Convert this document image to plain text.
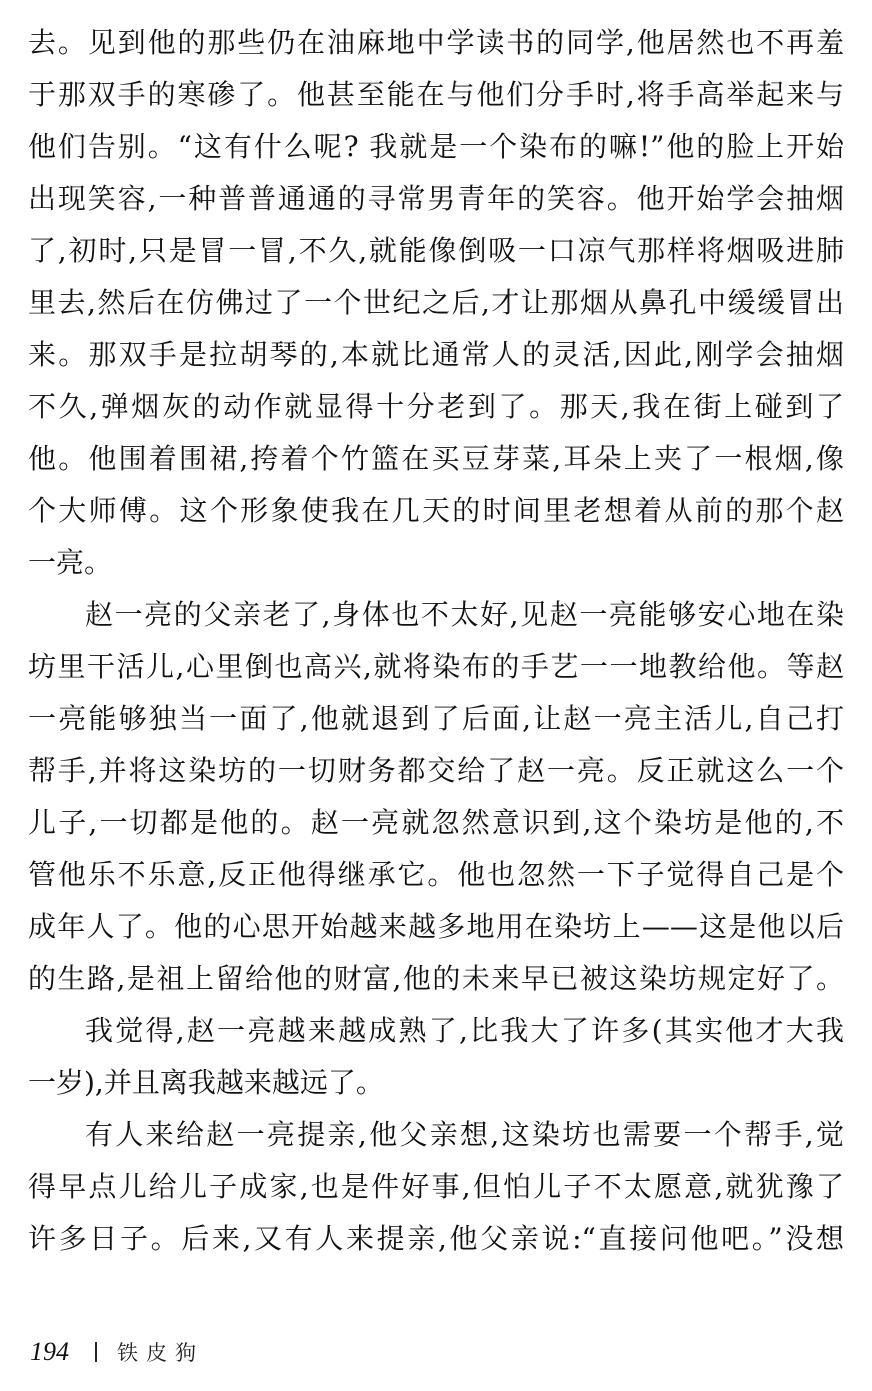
去。见到他的那些仍在油麻地中学读书的同学,他居然也不再羞
于那双手的寒碜了。他甚至能在与他们分手时,将手高举起来与
他们告别。“这有什么呢? 我就是一个染布的嘛!”他的脸上开始
出现笑容,一种普普通通的寻常男青年的笑容。他开始学会抽烟
了,初时,只是冒一冒,不久,就能像倒吸一口凉气那样将烟吸进肺
里去,然后在仿佛过了一个世纪之后,才让那烟从鼻孔中缓缓冒出
来。那双手是拉胡琴的,本就比通常人的灵活,因此,刚学会抽烟
不久,弹烟灰的动作就显得十分老到了。那天,我在街上碰到了
他。他围着围裙,挎着个竹篮在买豆芽菜,耳朵上夹了一根烟,像
个大师傅。这个形象使我在几天的时间里老想着从前的那个赵
一亮。
赵一亮的父亲老了,身体也不太好,见赵一亮能够安心地在染
坊里干活儿,心里倒也高兴,就将染布的手艺一一地教给他。等赵
一亮能够独当一面了,他就退到了后面,让赵一亮主活儿,自己打
帮手,并将这染坊的一切财务都交给了赵一亮。反正就这么一个
儿子,一切都是他的。赵一亮就忽然意识到,这个染坊是他的,不
管他乐不乐意,反正他得继承它。他也忽然一下子觉得自己是个
成年人了。他的心思开始越来越多地用在染坊上——这是他以后
的生路,是祖上留给他的财富,他的未来早已被这染坊规定好了。
我觉得,赵一亮越来越成熟了,比我大了许多(其实他才大我
一岁),并且离我越来越远了。
有人来给赵一亮提亲,他父亲想,这染坊也需要一个帮手,觉
得早点儿给儿子成家,也是件好事,但怕儿子不太愿意,就犹豫了
许多日子。后来,又有人来提亲,他父亲说:“直接问他吧。”没想
194 铁皮狗
